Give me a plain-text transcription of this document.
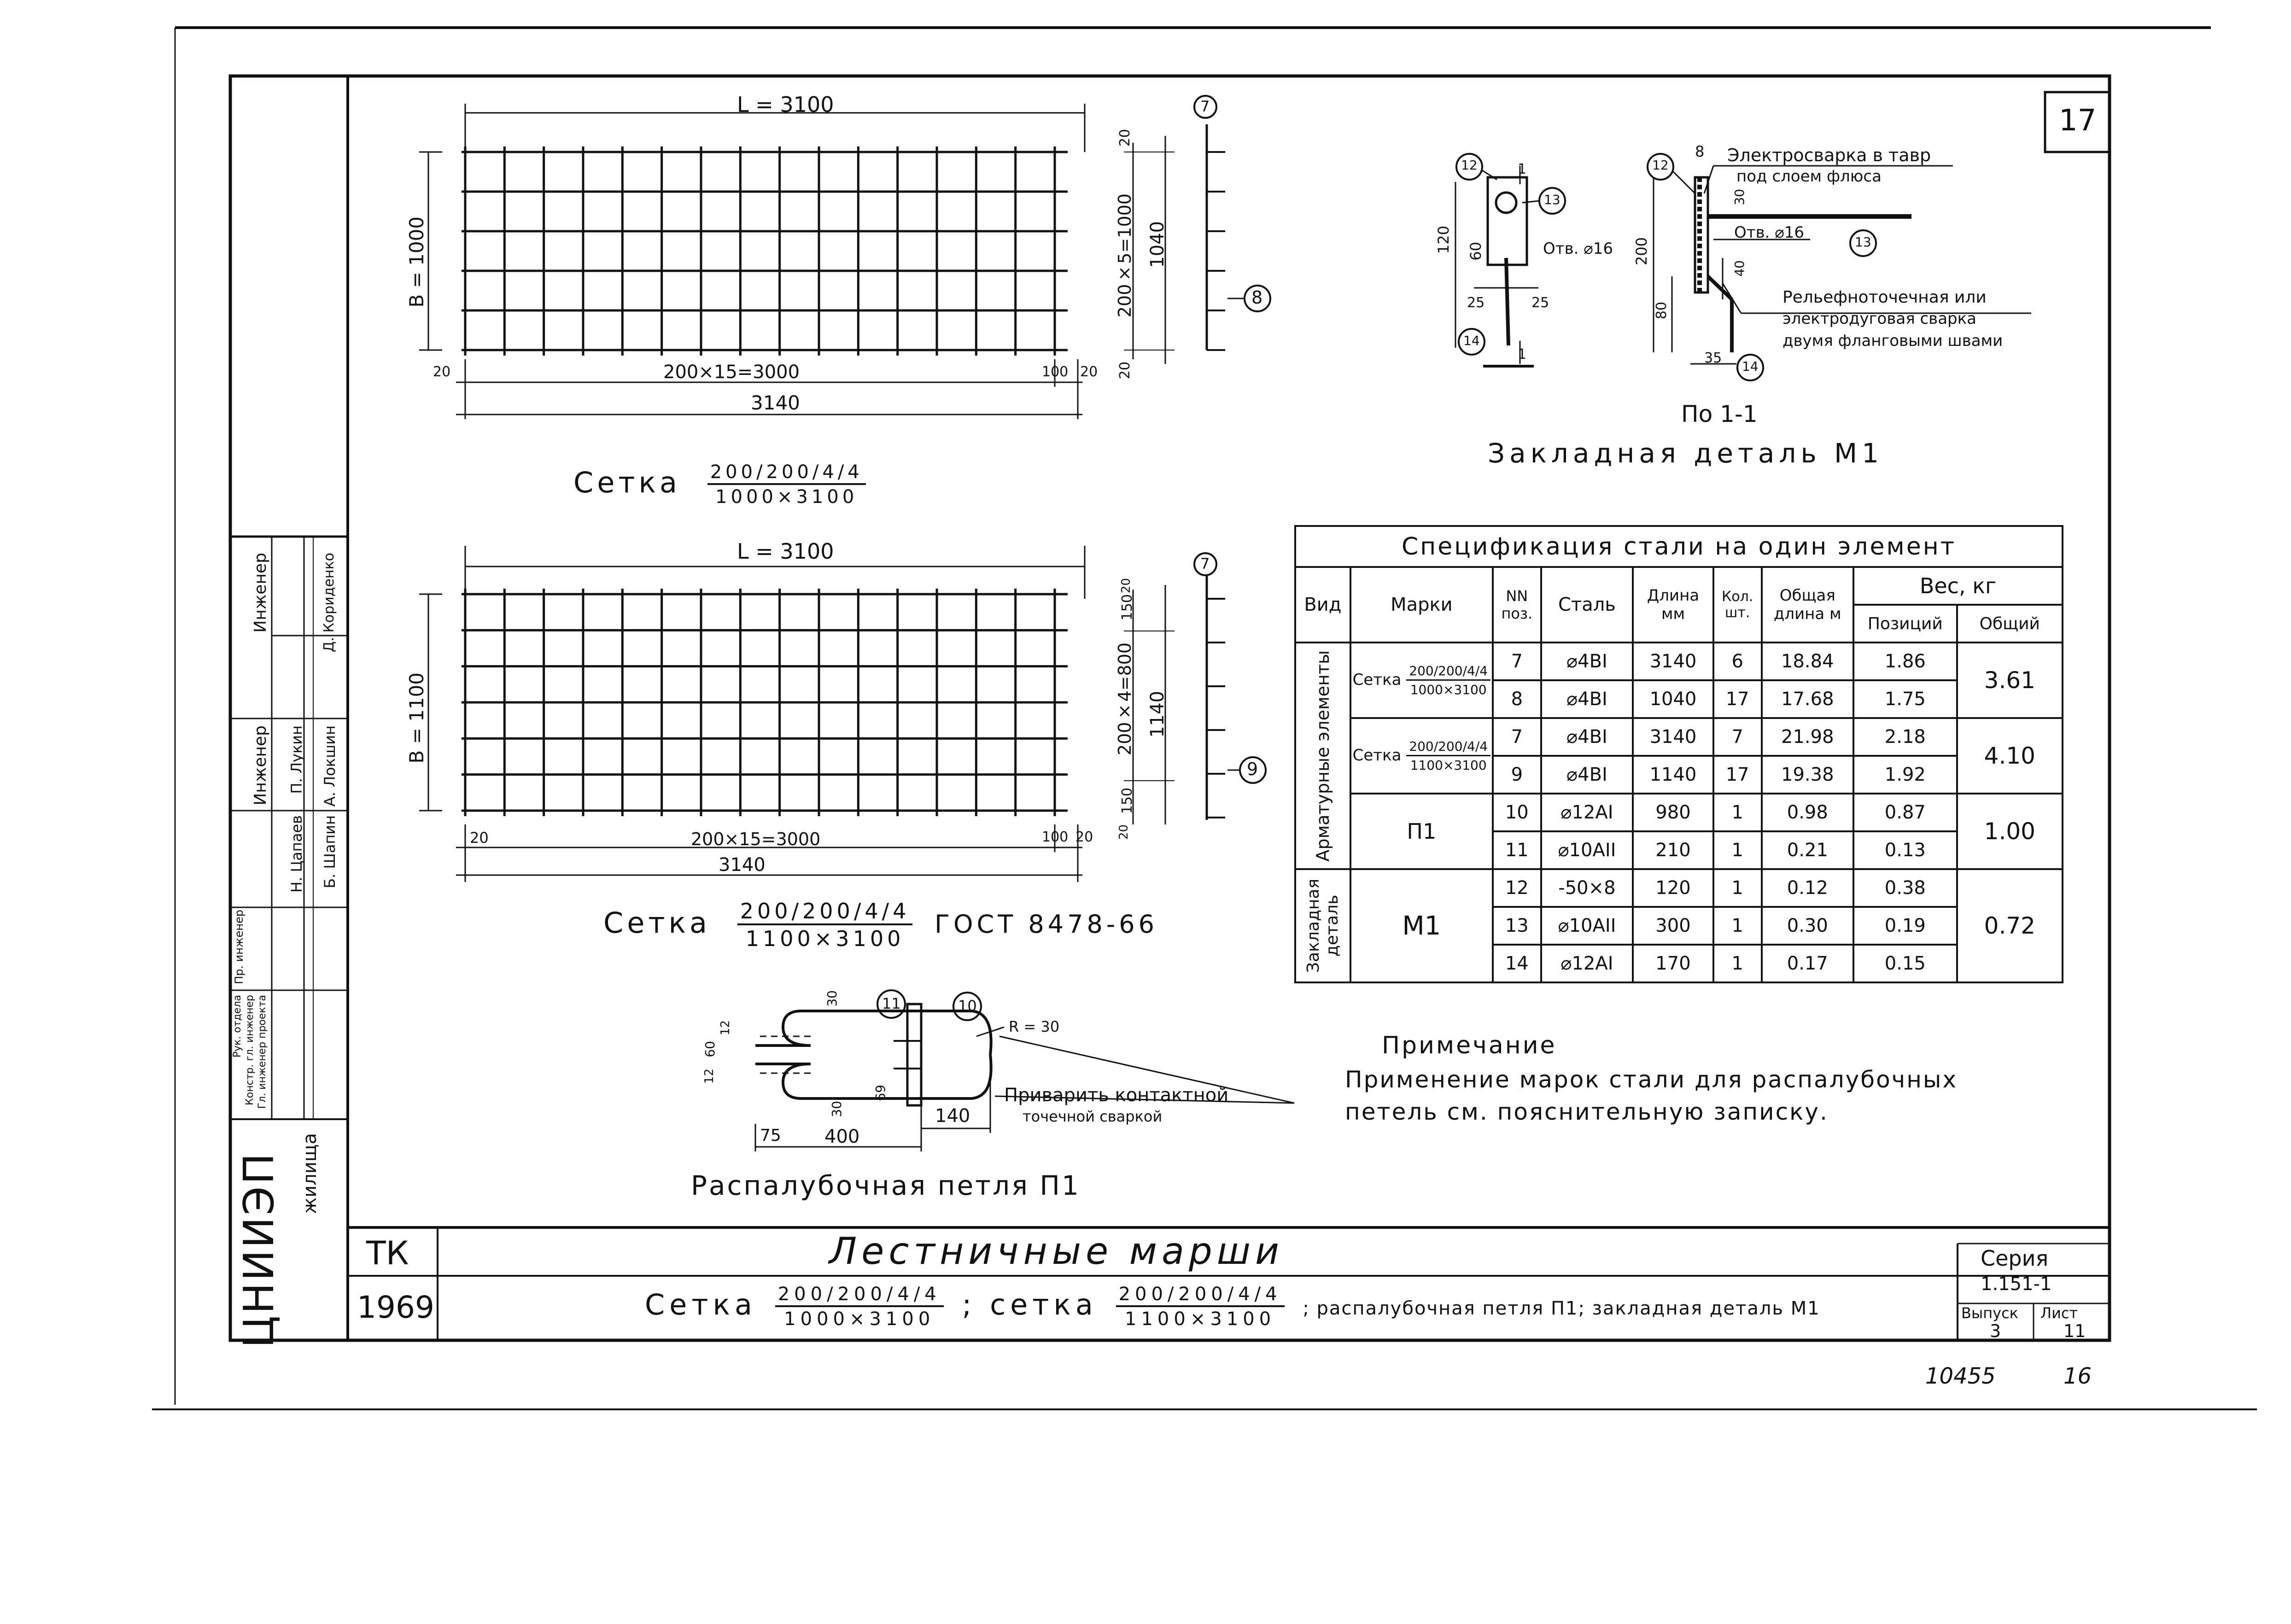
17
L = 3100
B = 1000
20	200×15=3000	100 20
3140
200×5=1000 1040
20
20
7
8
Сетка $\frac{200/200/4/4}{1000\times 3100}$
L = 3100
B = 1100
20	200×15=3000	100 20
3140
200×4=800 1140
150
150
20
20
7
9
Сетка $\frac{200/200/4/4}{1100\times 3100}$ ГОСТ 8478-66
Распалубочная петля П1
Приварить контактной
точечной сваркой
R = 30
400
140
75
30
30
60
12
12
69
11	10
Закладная деталь М1
По 1-1
Электросварка в тавр
под слоем флюса
Рельефноточечная или
электродуговая сварка
двумя фланговыми швами
Отв. ⌀16
Отв. ⌀16
120 60
25	25
8
200
30
40
80
35
1
1
12
13
14
12
13
14
Спецификация стали на один элемент								
Вид	Марки	NN поз.	Сталь	Длина мм	Кол. шт.	Общая длина м	Вес, кг	
							Позиций	Общий

Арматурные элементы	Сетка $\frac{200/200/4/4}{1000\times 3100}$	7	⌀4ВI	3140	6	18.84	1.86	3.61
		8	⌀4ВI	1040	17	17.68	1.75	
	Сетка $\frac{200/200/4/4}{1100\times 3100}$	7	⌀4ВI	3140	7	21.98	2.18	4.10
		9	⌀4ВI	1140	17	19.38	1.92	
	П1	10	⌀12АI	980	1	0.98	0.87	1.00
		11	⌀10АII	210	1	0.21	0.13	

Закладная деталь	М1	12	-50×8	120	1	0.12	0.38	0.72
		13	⌀10АII	300	1	0.30	0.19	
		14	⌀12АI	170	1	0.17	0.15	
Примечание
Применение марок стали для распалубочных
петель см. пояснительную записку.
ТК
1969
Лестничные марши
Сетка $\frac{200/200/4/4}{1000\times 3100}$ ; сетка $\frac{200/200/4/4}{1100\times 3100}$ ; распалубочная петля П1; закладная деталь М1
Серия
1.151-1
Выпуск
3
Лист
11
ЦНИИЭП жилища
Рук. отдела Констр. гл. инженер Гл. инженер проекта
Пр. инженер
Инженер
Инженер
Б. Шапин
Н. Цапаев
А. Локшин
П. Лукин
Д. Кориденко
10455	16
